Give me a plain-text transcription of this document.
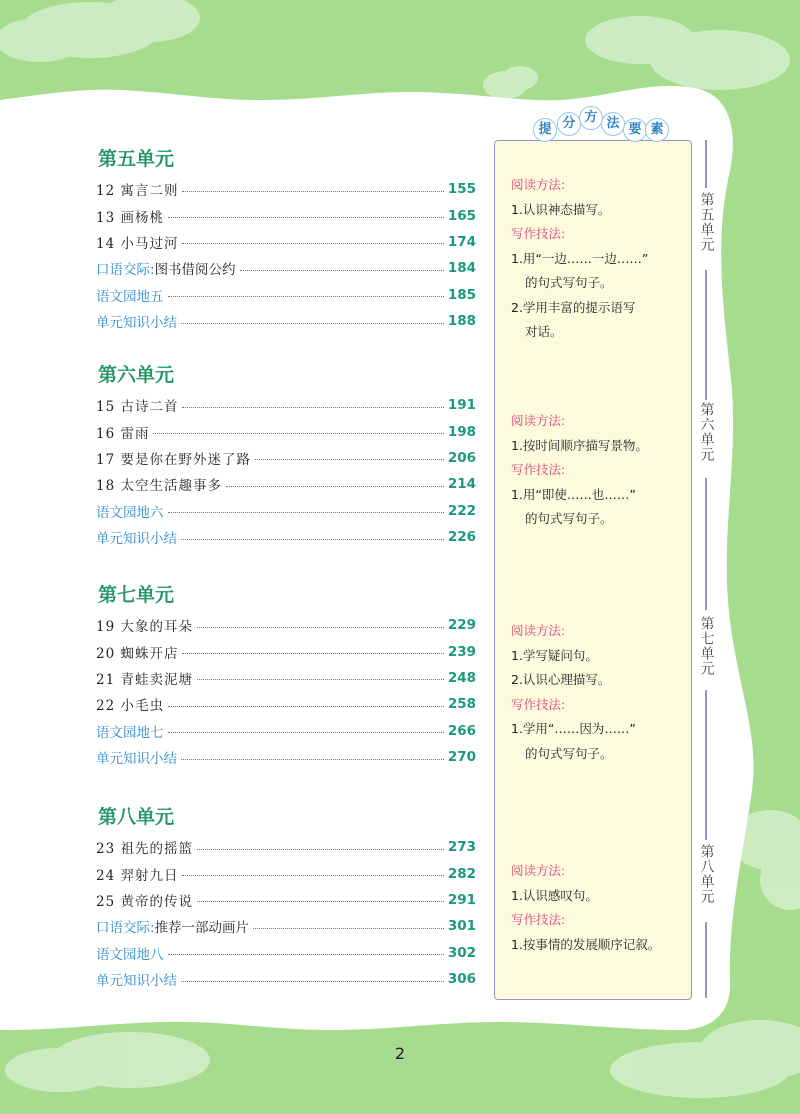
第五单元
12 寓言二则	155
13 画杨桃	165
14 小马过河	174
口语交际:图书借阅公约	184
语文园地五	185
单元知识小结	188
第六单元
15 古诗二首	191
16 雷雨	198
17 要是你在野外迷了路	206
18 太空生活趣事多	214
语文园地六	222
单元知识小结	226
第七单元
19 大象的耳朵	229
20 蜘蛛开店	239
21 青蛙卖泥塘	248
22 小毛虫	258
语文园地七	266
单元知识小结	270
第八单元
23 祖先的摇篮	273
24 羿射九日	282
25 黄帝的传说	291
口语交际:推荐一部动画片	301
语文园地八	302
单元知识小结	306
阅读方法:
1.认识神态描写。
写作技法:
1.用“一边……一边……”
的句式写句子。
2.学用丰富的提示语写
对话。
阅读方法:
1.按时间顺序描写景物。
写作技法:
1.用“即使……也……”
的句式写句子。
阅读方法:
1.学写疑问句。
2.认识心理描写。
写作技法:
1.学用“……因为……”
的句式写句子。
阅读方法:
1.认识感叹句。
写作技法:
1.按事情的发展顺序记叙。
提 分 方 法 要 素
第五单元
第六单元
第七单元
第八单元
2
